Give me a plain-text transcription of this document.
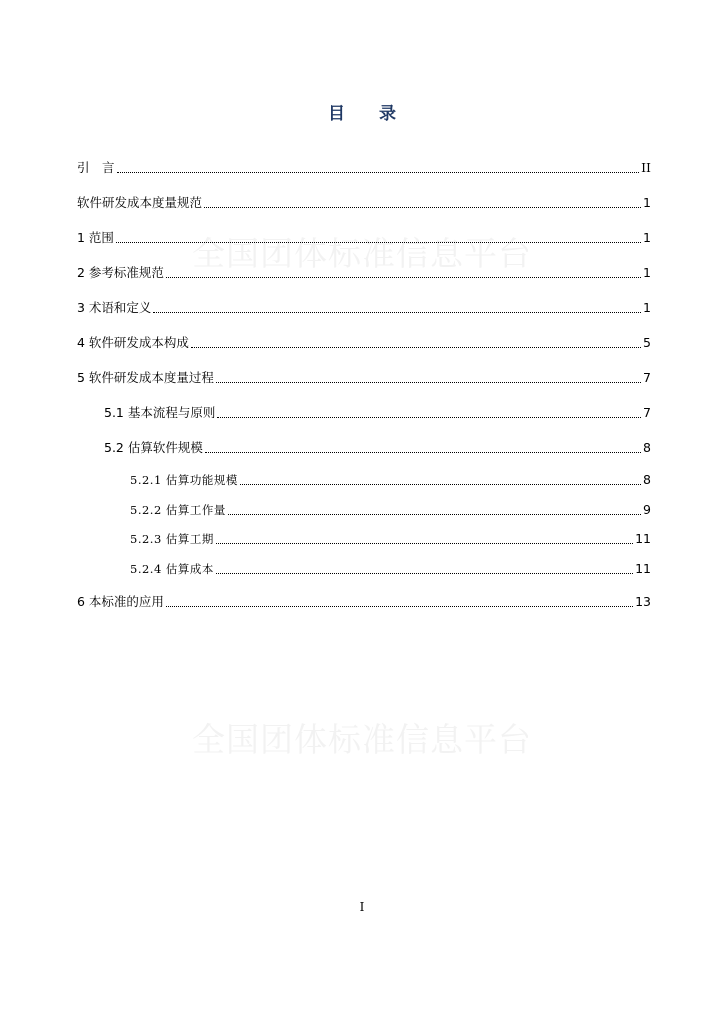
目 录
全国团体标准信息平台
全国团体标准信息平台
引　言	II
软件研发成本度量规范	1
1 范围	1
2 参考标准规范	1
3 术语和定义	1
4 软件研发成本构成	5
5 软件研发成本度量过程	7
5.1 基本流程与原则	7
5.2 估算软件规模	8
5.2.1 估算功能规模	8
5.2.2 估算工作量	9
5.2.3 估算工期	11
5.2.4 估算成本	11
6 本标准的应用	13
I
